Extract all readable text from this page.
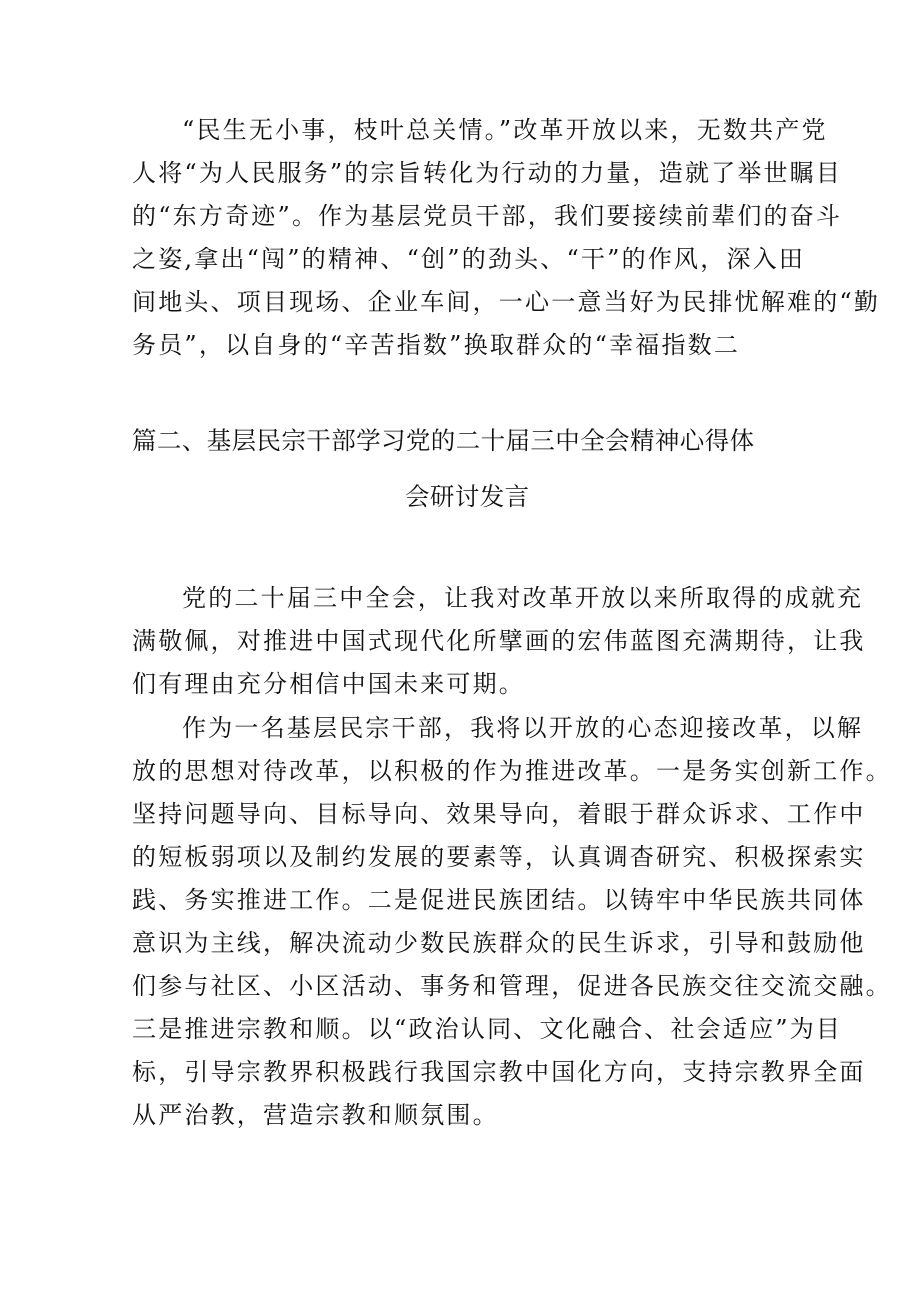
“民生无小事，枝叶总关情。”改革开放以来，无数共产党
人将“为人民服务”的宗旨转化为行动的力量，造就了举世瞩目
的“东方奇迹”。作为基层党员干部，我们要接续前辈们的奋斗
之姿,拿出“闯”的精神、“创”的劲头、“干”的作风，深入田
间地头、项目现场、企业车间，一心一意当好为民排忧解难的“勤
务员”，以自身的“辛苦指数”换取群众的“幸福指数二
篇二、基层民宗干部学习党的二十届三中全会精神心得体
会研讨发言
党的二十届三中全会，让我对改革开放以来所取得的成就充
满敬佩，对推进中国式现代化所擘画的宏伟蓝图充满期待，让我
们有理由充分相信中国未来可期。
作为一名基层民宗干部，我将以开放的心态迎接改革，以解
放的思想对待改革，以积极的作为推进改革。一是务实创新工作。
坚持问题导向、目标导向、效果导向，着眼于群众诉求、工作中
的短板弱项以及制约发展的要素等，认真调杳研究、积极探索实
践、务实推进工作。二是促进民族团结。以铸牢中华民族共同体
意识为主线，解决流动少数民族群众的民生诉求，引导和鼓励他
们参与社区、小区活动、事务和管理，促进各民族交往交流交融。
三是推进宗教和顺。以“政治认同、文化融合、社会适应”为目
标，引导宗教界积极践行我国宗教中国化方向，支持宗教界全面
从严治教，营造宗教和顺氛围。
